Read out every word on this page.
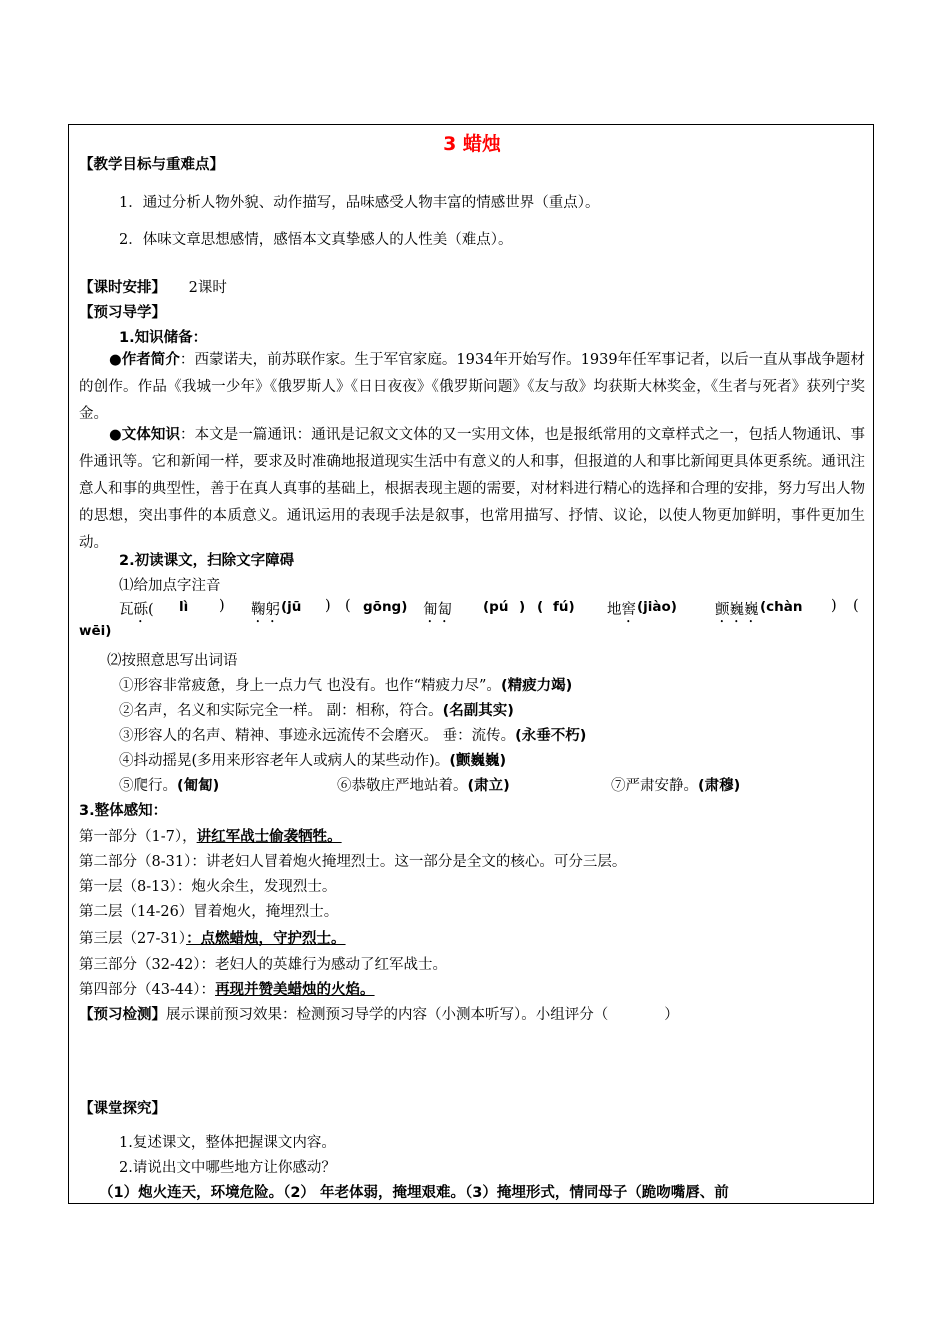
3 蜡烛
【教学目标与重难点】
1．通过分析人物外貌、动作描写，品味感受人物丰富的情感世界（重点）。
2．体味文章思想感情，感悟本文真挚感人的人性美（难点）。
【课时安排】 2课时
【预习导学】
1.知识储备：
●作者简介：西蒙诺夫，前苏联作家。生于军官家庭。1934年开始写作。1939年任军事记者，以后一直从事战争题材的创作。作品《我城一少年》《俄罗斯人》《日日夜夜》《俄罗斯问题》《友与敌》均获斯大林奖金，《生者与死者》获列宁奖金。
●文体知识：本文是一篇通讯：通讯是记叙文文体的又一实用文体，也是报纸常用的文章样式之一，包括人物通讯、事件通讯等。它和新闻一样，要求及时准确地报道现实生活中有意义的人和事，但报道的人和事比新闻更具体更系统。通讯注意人和事的典型性，善于在真人真事的基础上，根据表现主题的需要，对材料进行精心的选择和合理的安排，努力写出人物的思想，突出事件的本质意义。通讯运用的表现手法是叙事，也常用描写、抒情、议论，以使人物更加鲜明，事件更加生动。
2.初读课文，扫除文字障碍
⑴给加点字注音
瓦砾( lì ) 鞠躬 (jū ) ( gōng) 匍匐 (pú ) ( fú) 地窖 (jiào)	颤巍巍 (chàn ) (
wēi)
⑵按照意思写出词语
①形容非常疲惫，身上一点力气 也没有。也作“精疲力尽”。(精疲力竭)
②名声，名义和实际完全一样。 副：相称，符合。(名副其实)
③形容人的名声、精神、事迹永远流传不会磨灭。 垂：流传。(永垂不朽)
④抖动摇晃(多用来形容老年人或病人的某些动作)。(颤巍巍)
⑤爬行。(匍匐)	⑥恭敬庄严地站着。(肃立)	⑦严肃安静。(肃穆)
3.整体感知：
第一部分（1-7），讲红军战士偷袭牺牲。
第二部分（8-31）：讲老妇人冒着炮火掩埋烈士。这一部分是全文的核心。可分三层。
第一层（8-13）：炮火余生，发现烈士。
第二层（14-26）冒着炮火，掩埋烈士。
第三层（27-31）：点燃蜡烛，守护烈士。
第三部分（32-42）：老妇人的英雄行为感动了红军战士。
第四部分（43-44）：再现并赞美蜡烛的火焰。
【预习检测】展示课前预习效果：检测预习导学的内容（小测本听写）。小组评分（	）
【课堂探究】
1.复述课文，整体把握课文内容。
2.请说出文中哪些地方让你感动？
（1）炮火连天，环境危险。（2） 年老体弱，掩埋艰难。（3）掩埋形式，情同母子（跪吻嘴唇、前
